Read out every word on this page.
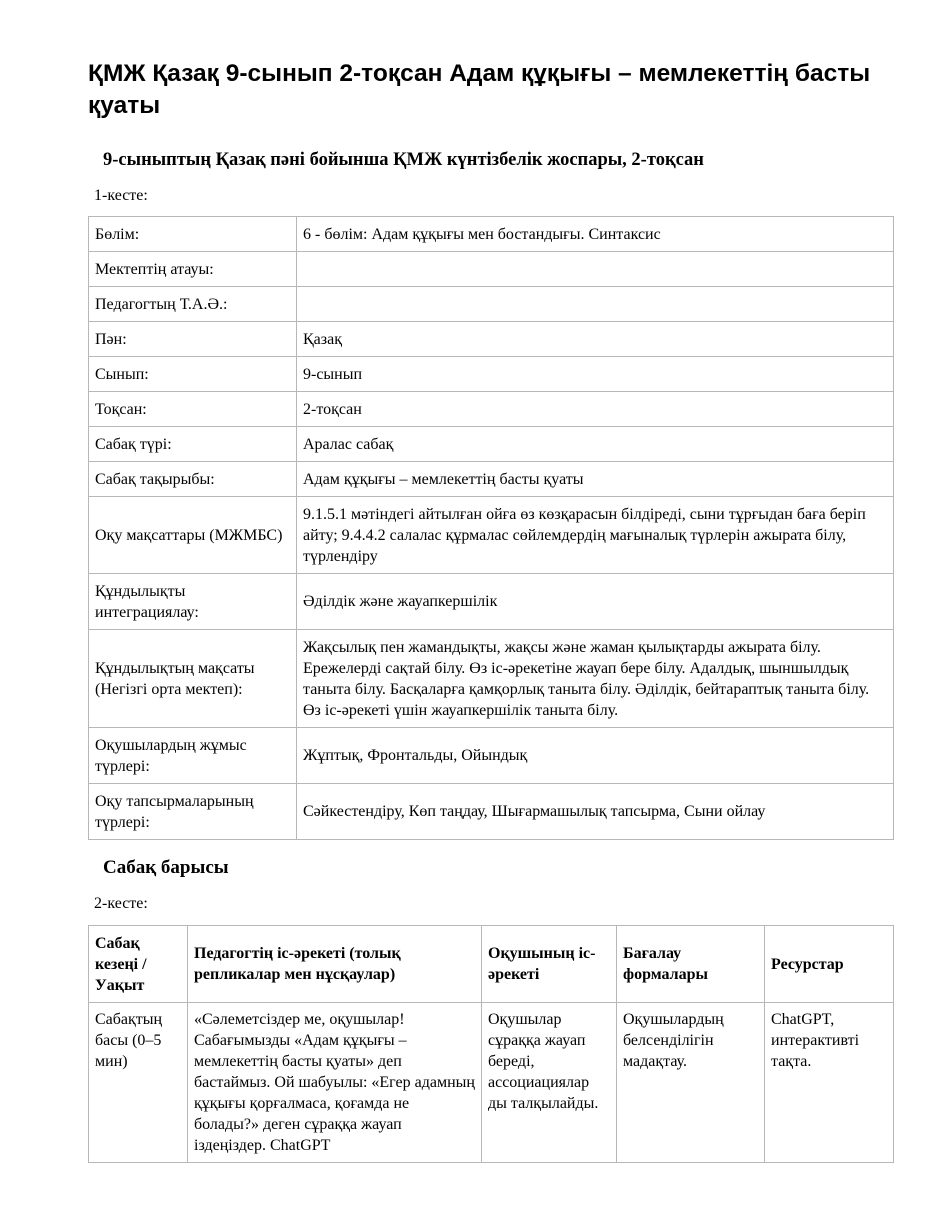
ҚМЖ Қазақ 9-сынып 2-тоқсан Адам құқығы – мемлекеттің басты қуаты
9-сыныптың Қазақ пәні бойынша ҚМЖ күнтізбелік жоспары, 2-тоқсан

1-кесте:

Бөлім:	6 - бөлім: Адам құқығы мен бостандығы. Синтаксис
Мектептің атауы:	
Педагогтың Т.А.Ә.:	
Пән:	Қазақ
Сынып:	9-сынып
Тоқсан:	2-тоқсан
Сабақ түрі:	Аралас сабақ
Сабақ тақырыбы:	Адам құқығы – мемлекеттің басты қуаты
Оқу мақсаттары (МЖМБС)	9.1.5.1 мәтіндегі айтылған ойға өз көзқарасын білдіреді, сыни тұрғыдан баға беріп айту; 9.4.4.2 салалас құрмалас сөйлемдердің мағыналық түрлерін ажырата білу, түрлендіру
Құндылықты интеграциялау:	Әділдік және жауапкершілік
Құндылықтың мақсаты (Негізгі орта мектеп):	Жақсылық пен жамандықты, жақсы және жаман қылықтарды ажырата білу. Ережелерді сақтай білу. Өз іс-әрекетіне жауап бере білу. Адалдық, шыншылдық таныта білу. Басқаларға қамқорлық таныта білу. Әділдік, бейтараптық таныта білу. Өз іс-әрекеті үшін жауапкершілік таныта білу.
Оқушылардың жұмыс түрлері:	Жұптық, Фронтальды, Ойындық
Оқу тапсырмаларының түрлері:	Сәйкестендіру, Көп таңдау, Шығармашылық тапсырма, Сыни ойлау
Сабақ барысы

2-кесте:

Сабақ кезеңі / Уақыт	Педагогтің іс-әрекеті (толық репликалар мен нұсқаулар)	Оқушының іс-әрекеті	Бағалау формалары	Ресурстар
Сабақтың басы (0–5 мин)	«Сәлеметсіздер ме, оқушылар! Сабағымызды «Адам құқығы – мемлекеттің басты қуаты» деп бастаймыз. Ой шабуылы: «Егер адамның құқығы қорғалмаса, қоғамда не болады?» деген сұраққа жауап іздеңіздер. ChatGPT	Оқушылар сұраққа жауап береді, ассоциациялар ды талқылайды.	Оқушылардың белсенділігін мадақтау.	ChatGPT, интерактивті тақта.
